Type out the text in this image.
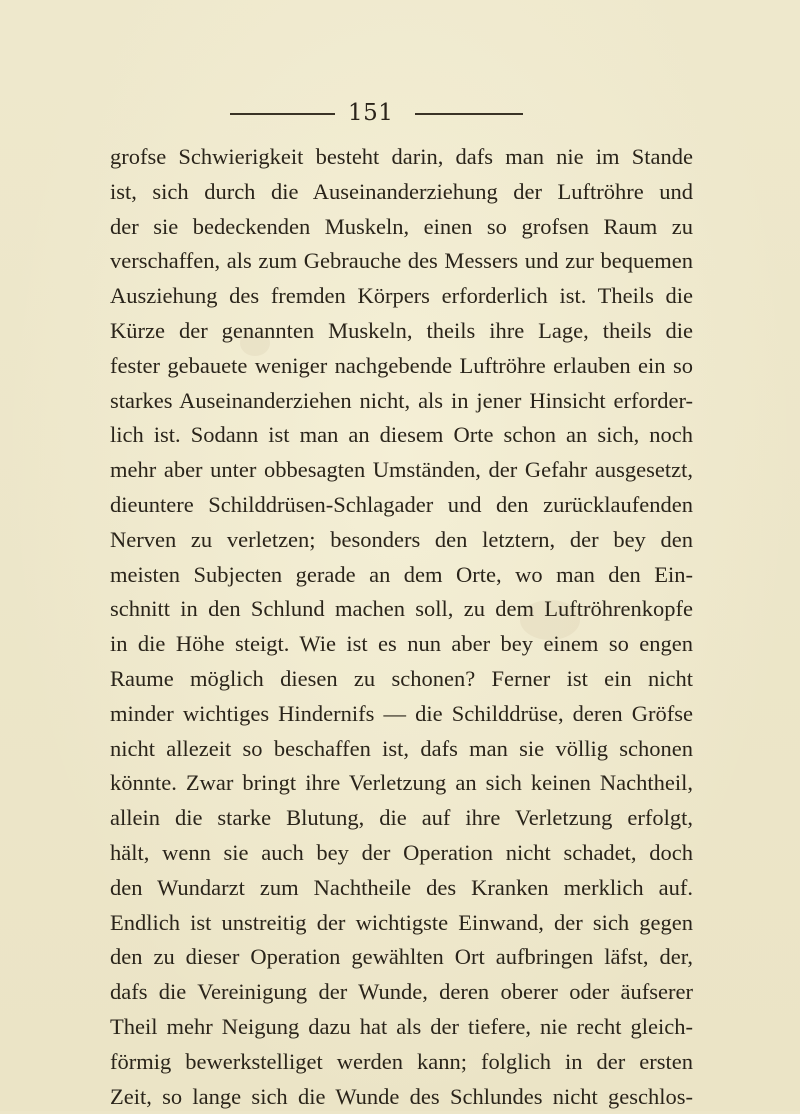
151
grofse Schwierigkeit besteht darin, dafs man nie im Stande
ist, sich durch die Auseinanderziehung der Luftröhre und
der sie bedeckenden Muskeln, einen so grofsen Raum zu
verschaffen, als zum Gebrauche des Messers und zur bequemen
Ausziehung des fremden Körpers erforderlich ist. Theils die
Kürze der genannten Muskeln, theils ihre Lage, theils die
fester gebauete weniger nachgebende Luftröhre erlauben ein so
starkes Auseinanderziehen nicht, als in jener Hinsicht erforder-
lich ist. Sodann ist man an diesem Orte schon an sich, noch
mehr aber unter obbesagten Umständen, der Gefahr ausgesetzt,
dieuntere Schilddrüsen-Schlagader und den zurücklaufenden
Nerven zu verletzen; besonders den letztern, der bey den
meisten Subjecten gerade an dem Orte, wo man den Ein-
schnitt in den Schlund machen soll, zu dem Luftröhrenkopfe
in die Höhe steigt. Wie ist es nun aber bey einem so engen
Raume möglich diesen zu schonen? Ferner ist ein nicht
minder wichtiges Hindernifs — die Schilddrüse, deren Gröfse
nicht allezeit so beschaffen ist, dafs man sie völlig schonen
könnte. Zwar bringt ihre Verletzung an sich keinen Nachtheil,
allein die starke Blutung, die auf ihre Verletzung erfolgt,
hält, wenn sie auch bey der Operation nicht schadet, doch
den Wundarzt zum Nachtheile des Kranken merklich auf.
Endlich ist unstreitig der wichtigste Einwand, der sich gegen
den zu dieser Operation gewählten Ort aufbringen läfst, der,
dafs die Vereinigung der Wunde, deren oberer oder äufserer
Theil mehr Neigung dazu hat als der tiefere, nie recht gleich-
förmig bewerkstelliget werden kann; folglich in der ersten
Zeit, so lange sich die Wunde des Schlundes nicht geschlos-
